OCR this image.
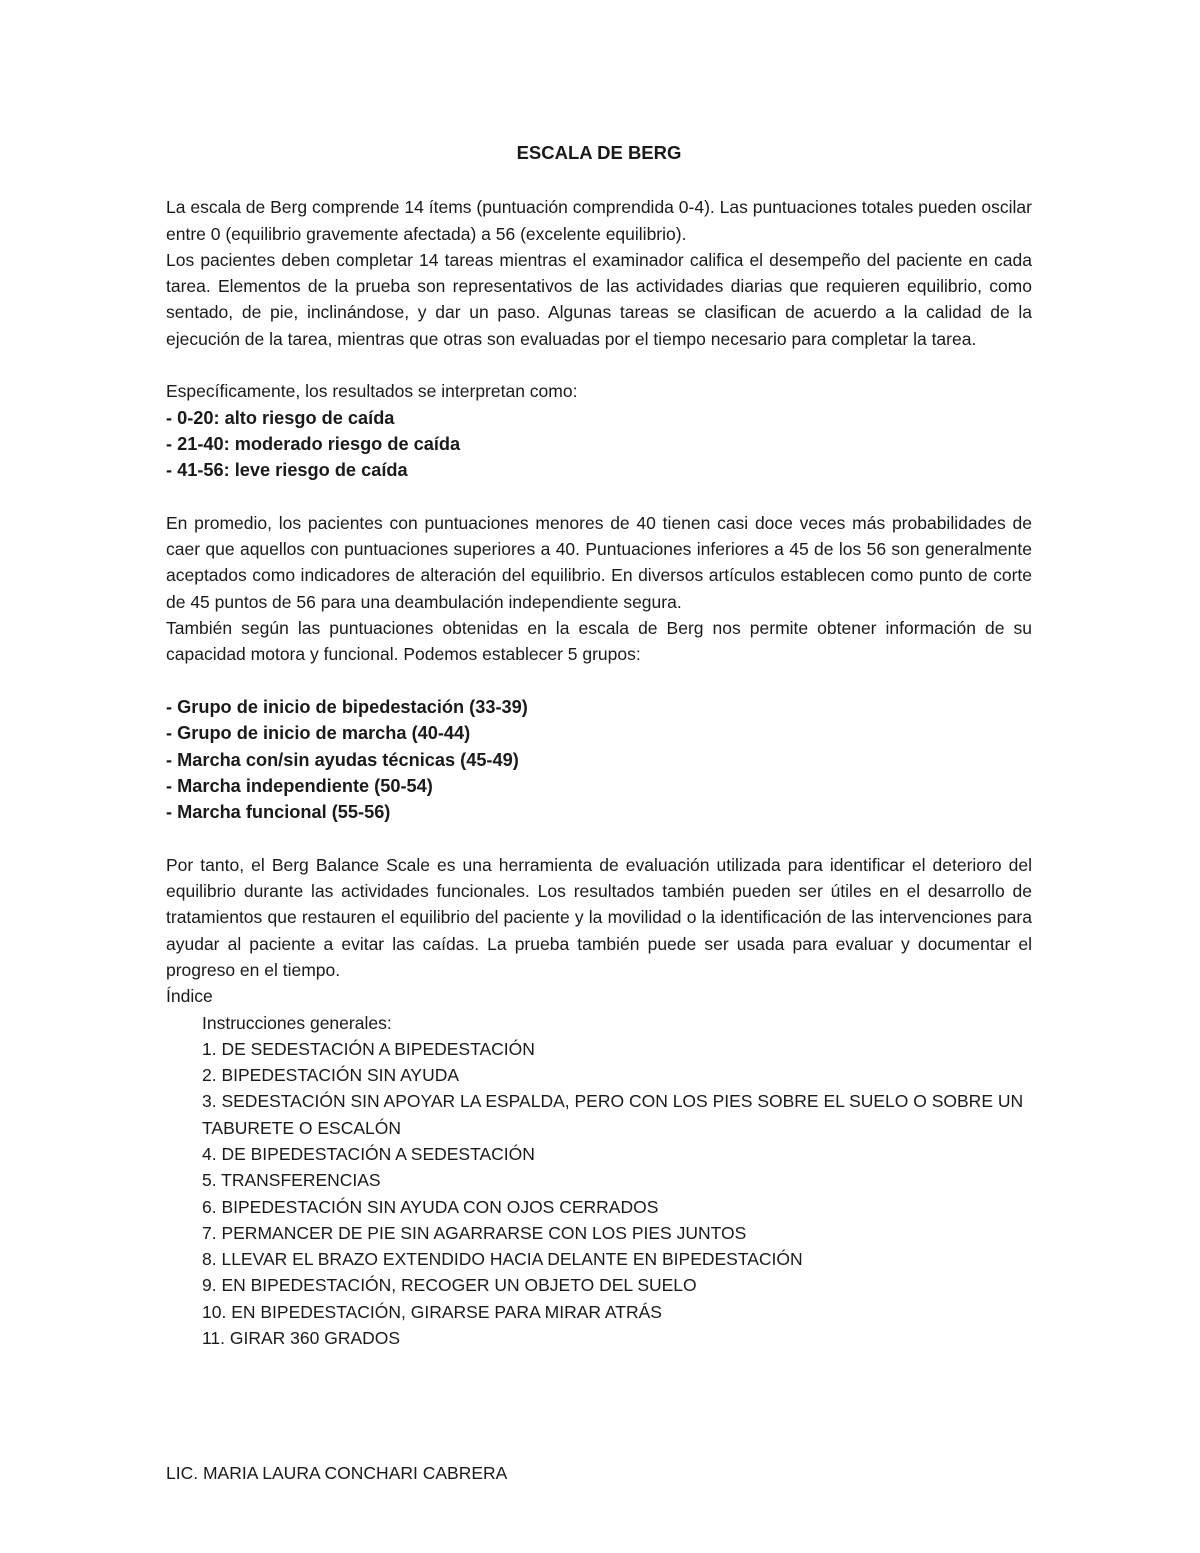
ESCALA DE BERG

La escala de Berg comprende 14 ítems (puntuación comprendida 0-4). Las puntuaciones totales pueden oscilar entre 0 (equilibrio gravemente afectada) a 56 (excelente equilibrio).

Los pacientes deben completar 14 tareas mientras el examinador califica el desempeño del paciente en cada tarea. Elementos de la prueba son representativos de las actividades diarias que requieren equilibrio, como sentado, de pie, inclinándose, y dar un paso. Algunas tareas se clasifican de acuerdo a la calidad de la ejecución de la tarea, mientras que otras son evaluadas por el tiempo necesario para completar la tarea.

Específicamente, los resultados se interpretan como:

- 0-20: alto riesgo de caída
- 21-40: moderado riesgo de caída
- 41-56: leve riesgo de caída

En promedio, los pacientes con puntuaciones menores de 40 tienen casi doce veces más probabilidades de caer que aquellos con puntuaciones superiores a 40. Puntuaciones inferiores a 45 de los 56 son generalmente aceptados como indicadores de alteración del equilibrio. En diversos artículos establecen como punto de corte de 45 puntos de 56 para una deambulación independiente segura.

También según las puntuaciones obtenidas en la escala de Berg nos permite obtener información de su capacidad motora y funcional. Podemos establecer 5 grupos:

- Grupo de inicio de bipedestación (33-39)
- Grupo de inicio de marcha (40-44)
- Marcha con/sin ayudas técnicas (45-49)
- Marcha independiente (50-54)
- Marcha funcional (55-56)

Por tanto, el Berg Balance Scale es una herramienta de evaluación utilizada para identificar el deterioro del equilibrio durante las actividades funcionales. Los resultados también pueden ser útiles en el desarrollo de tratamientos que restauren el equilibrio del paciente y la movilidad o la identificación de las intervenciones para ayudar al paciente a evitar las caídas. La prueba también puede ser usada para evaluar y documentar el progreso en el tiempo.

Índice

Instrucciones generales:
1. DE SEDESTACIÓN A BIPEDESTACIÓN
2. BIPEDESTACIÓN SIN AYUDA
3. SEDESTACIÓN SIN APOYAR LA ESPALDA, PERO CON LOS PIES SOBRE EL SUELO O SOBRE UN TABURETE O ESCALÓN
4. DE BIPEDESTACIÓN A SEDESTACIÓN
5. TRANSFERENCIAS
6. BIPEDESTACIÓN SIN AYUDA CON OJOS CERRADOS
7. PERMANCER DE PIE SIN AGARRARSE CON LOS PIES JUNTOS
8. LLEVAR EL BRAZO EXTENDIDO HACIA DELANTE EN BIPEDESTACIÓN
9. EN BIPEDESTACIÓN, RECOGER UN OBJETO DEL SUELO
10. EN BIPEDESTACIÓN, GIRARSE PARA MIRAR ATRÁS
11. GIRAR 360 GRADOS
LIC. MARIA LAURA CONCHARI CABRERA
